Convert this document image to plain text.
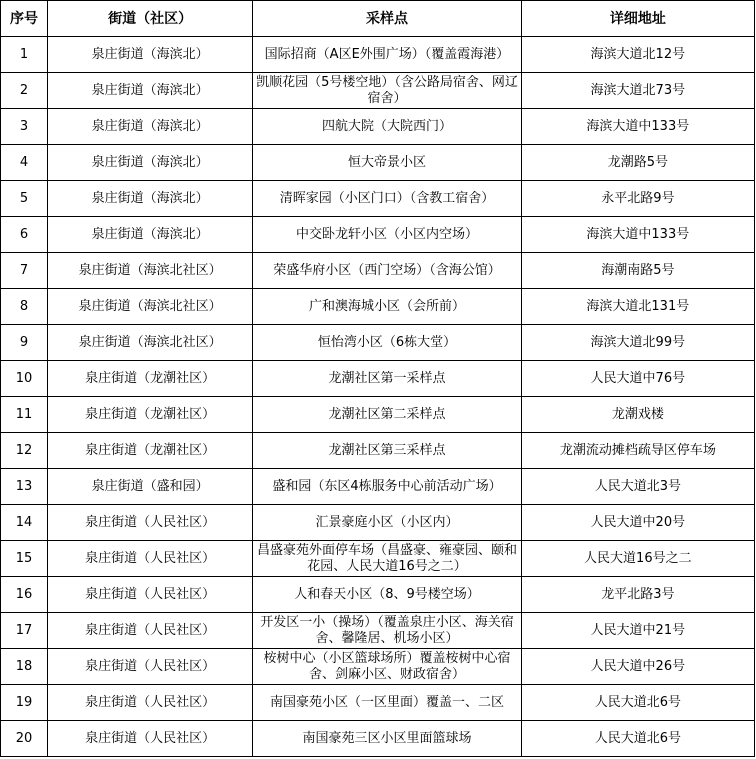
序号	街道（社区）	采样点	详细地址
1	泉庄街道（海滨北）	国际招商（A区E外围广场）（覆盖霞海港）	海滨大道北12号
2	泉庄街道（海滨北）	凯顺花园（5号楼空地）（含公路局宿舍、网辽宿舍）	海滨大道北73号
3	泉庄街道（海滨北）	四航大院（大院西门）	海滨大道中133号
4	泉庄街道（海滨北）	恒大帝景小区	龙潮路5号
5	泉庄街道（海滨北）	清晖家园（小区门口）（含教工宿舍）	永平北路9号
6	泉庄街道（海滨北）	中交卧龙轩小区（小区内空场）	海滨大道中133号
7	泉庄街道（海滨北社区）	荣盛华府小区（西门空场）（含海公馆）	海潮南路5号
8	泉庄街道（海滨北社区）	广和澳海城小区（会所前）	海滨大道北131号
9	泉庄街道（海滨北社区）	恒怡湾小区（6栋大堂）	海滨大道北99号
10	泉庄街道（龙潮社区）	龙潮社区第一采样点	人民大道中76号
11	泉庄街道（龙潮社区）	龙潮社区第二采样点	龙潮戏楼
12	泉庄街道（龙潮社区）	龙潮社区第三采样点	龙潮流动摊档疏导区停车场
13	泉庄街道（盛和园）	盛和园（东区4栋服务中心前活动广场）	人民大道北3号
14	泉庄街道（人民社区）	汇景豪庭小区（小区内）	人民大道中20号
15	泉庄街道（人民社区）	昌盛豪苑外面停车场（昌盛豪、雍豪园、颐和花园、人民大道16号之二）	人民大道16号之二
16	泉庄街道（人民社区）	人和春天小区（8、9号楼空场）	龙平北路3号
17	泉庄街道（人民社区）	开发区一小（操场）（覆盖泉庄小区、海关宿舍、馨隆居、机场小区）	人民大道中21号
18	泉庄街道（人民社区）	桉树中心（小区篮球场所）覆盖桉树中心宿舍、剑麻小区、财政宿舍）	人民大道中26号
19	泉庄街道（人民社区）	南国豪苑小区（一区里面）覆盖一、二区	人民大道北6号
20	泉庄街道（人民社区）	南国豪苑三区小区里面篮球场	人民大道北6号
